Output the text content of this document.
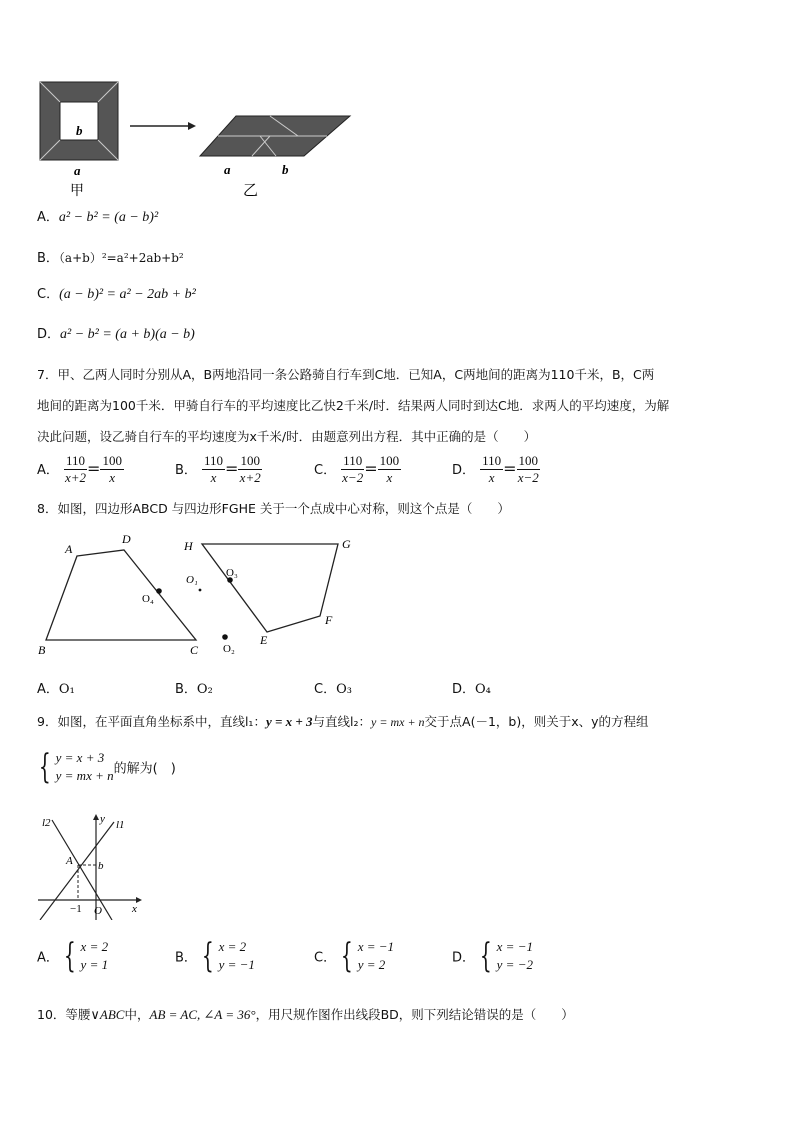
b
a
甲
a	b
乙
A．a² − b² = (a − b)²
B．（a+b）²=a²+2ab+b²
C．(a − b)² = a² − 2ab + b²
D．a² − b² = (a + b)(a − b)
7．甲、乙两人同时分别从A，B两地沿同一条公路骑自行车到C地．已知A，C两地间的距离为110千米，B，C两
地间的距离为100千米．甲骑自行车的平均速度比乙快2千米/时．结果两人同时到达C地．求两人的平均速度，为解
决此问题，设乙骑自行车的平均速度为x千米/时．由题意列出方程．其中正确的是（　　）
A． $\frac{110}{x+2} = \frac{100}{x}$	B． $\frac{110}{x} = \frac{100}{x+2}$	C． $\frac{110}{x-2} = \frac{100}{x}$	D． $\frac{110}{x} = \frac{100}{x-2}$
8．如图，四边形ABCD 与四边形FGHE 关于一个点成中心对称，则这个点是（　　）
A
D
B	C
H	G
F
E
O₄
O₃
O₁
O₂
A．O₁	B．O₂	C．O₃	D．O₄
9．如图，在平面直角坐标系中，直线l₁：y = x + 3与直线l₂：y = mx + n交于点A(－1，b)，则关于x、y的方程组
{ y = x + 3
y = mx + n 的解为(　)
l2	l1
y
x
A b
O
−1
A． { x = 2
y = 1	B． { x = 2
y = −1	C． { x = −1
y = 2	D． { x = −1
y = −2
10．等腰∨ABC中，AB = AC, ∠A = 36°，用尺规作图作出线段BD，则下列结论错误的是（　　）
